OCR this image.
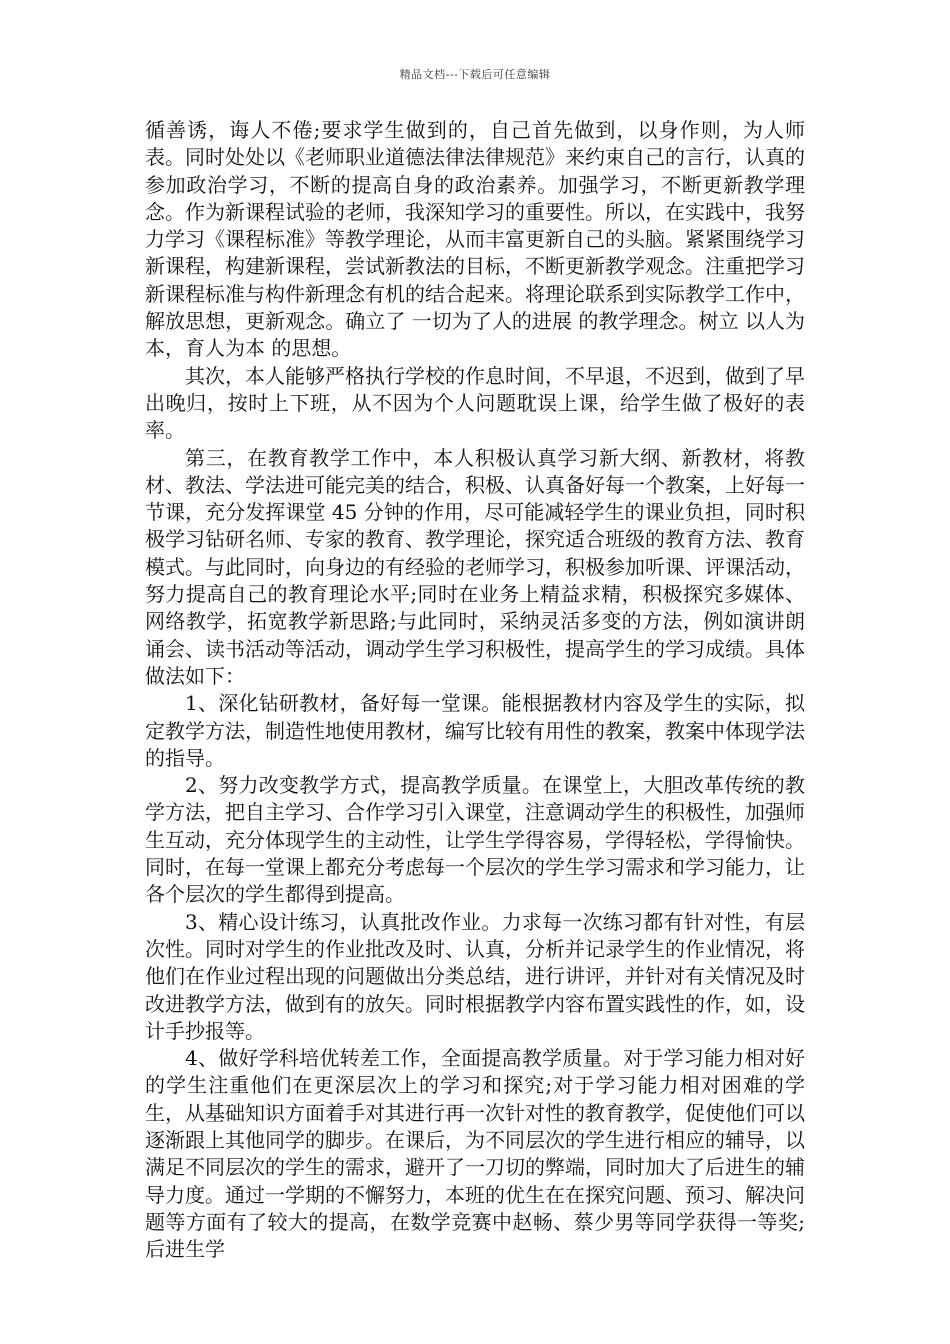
精品文档---下载后可任意编辑

循善诱，诲人不倦;要求学生做到的，自己首先做到，以身作则，为人师表。同时处处以《老师职业道德法律法律规范》来约束自己的言行，认真的参加政治学习，不断的提高自身的政治素养。加强学习，不断更新教学理念。作为新课程试验的老师，我深知学习的重要性。所以，在实践中，我努力学习《课程标准》等教学理论，从而丰富更新自己的头脑。紧紧围绕学习新课程，构建新课程，尝试新教法的目标，不断更新教学观念。注重把学习新课程标准与构件新理念有机的结合起来。将理论联系到实际教学工作中，解放思想，更新观念。确立了 一切为了人的进展 的教学理念。树立 以人为本，育人为本 的思想。

其次，本人能够严格执行学校的作息时间，不早退，不迟到，做到了早出晚归，按时上下班，从不因为个人问题耽误上课，给学生做了极好的表率。

第三，在教育教学工作中，本人积极认真学习新大纲、新教材，将教材、教法、学法进可能完美的结合，积极、认真备好每一个教案，上好每一节课，充分发挥课堂 45 分钟的作用，尽可能减轻学生的课业负担，同时积极学习钻研名师、专家的教育、教学理论，探究适合班级的教育方法、教育模式。与此同时，向身边的有经验的老师学习，积极参加听课、评课活动，努力提高自己的教育理论水平;同时在业务上精益求精，积极探究多媒体、网络教学，拓宽教学新思路;与此同时，采纳灵活多变的方法，例如演讲朗诵会、读书活动等活动，调动学生学习积极性，提高学生的学习成绩。具体做法如下：

1、深化钻研教材，备好每一堂课。能根据教材内容及学生的实际，拟定教学方法，制造性地使用教材，编写比较有用性的教案，教案中体现学法的指导。

2、努力改变教学方式，提高教学质量。在课堂上，大胆改革传统的教学方法，把自主学习、合作学习引入课堂，注意调动学生的积极性，加强师生互动，充分体现学生的主动性，让学生学得容易，学得轻松，学得愉快。同时，在每一堂课上都充分考虑每一个层次的学生学习需求和学习能力，让各个层次的学生都得到提高。

3、精心设计练习，认真批改作业。力求每一次练习都有针对性，有层次性。同时对学生的作业批改及时、认真，分析并记录学生的作业情况，将他们在作业过程出现的问题做出分类总结，进行讲评，并针对有关情况及时改进教学方法，做到有的放矢。同时根据教学内容布置实践性的作，如，设计手抄报等。

4、做好学科培优转差工作，全面提高教学质量。对于学习能力相对好的学生注重他们在更深层次上的学习和探究;对于学习能力相对困难的学生，从基础知识方面着手对其进行再一次针对性的教育教学，促使他们可以逐渐跟上其他同学的脚步。在课后，为不同层次的学生进行相应的辅导，以满足不同层次的学生的需求，避开了一刀切的弊端，同时加大了后进生的辅导力度。通过一学期的不懈努力，本班的优生在在探究问题、预习、解决问题等方面有了较大的提高，在数学竞赛中赵畅、蔡少男等同学获得一等奖;后进生学
